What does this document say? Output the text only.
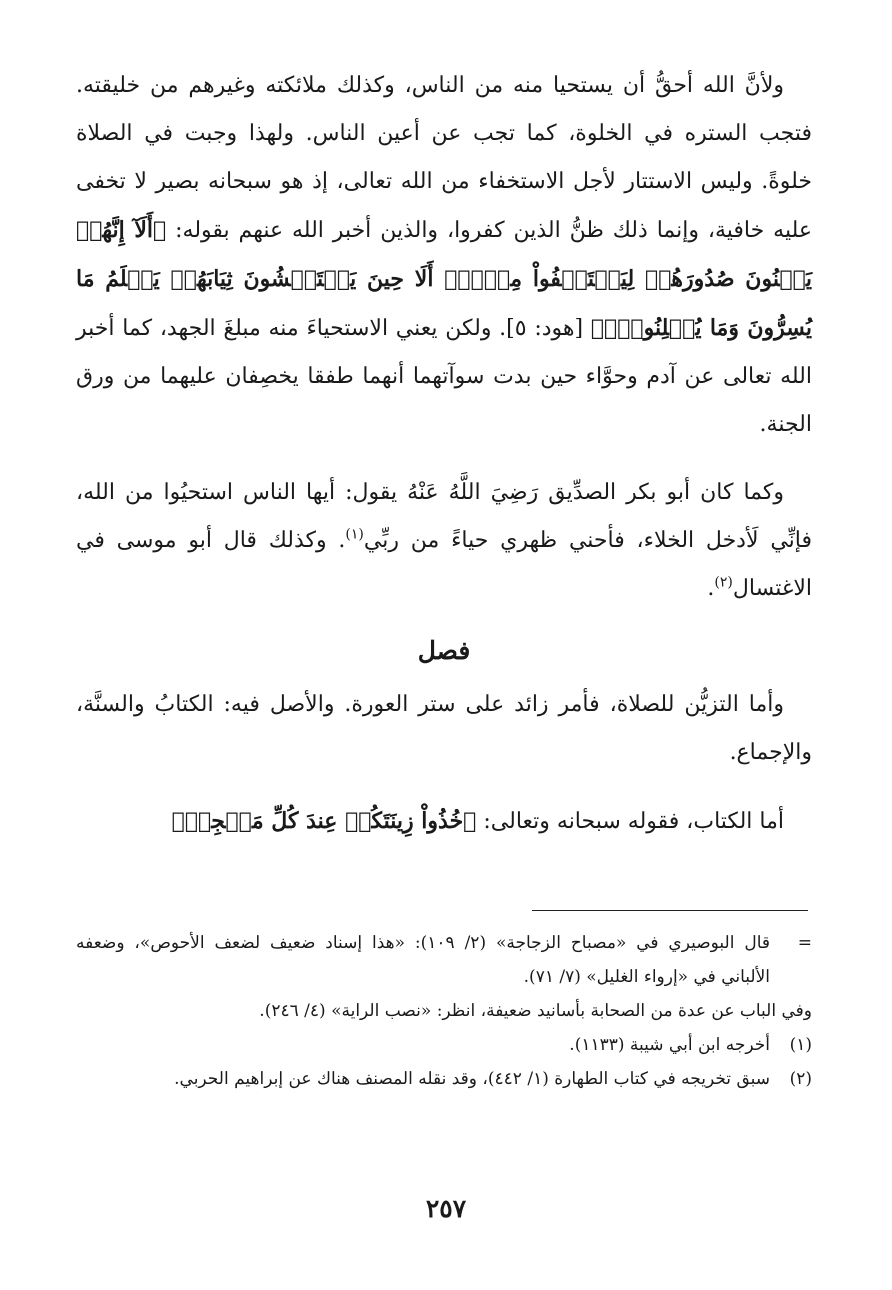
ولأنَّ الله أحقُّ أن يستحيا منه من الناس، وكذلك ملائكته وغيرهم من خليقته. فتجب الستره في الخلوة، كما تجب عن أعين الناس. ولهذا وجبت في الصلاة خلوةً. وليس الاستتار لأجل الاستخفاء من الله تعالى، إذ هو سبحانه بصير لا تخفى عليه خافية، وإنما ذلك ظنُّ الذين كفروا، والذين أخبر الله عنهم بقوله: ﴿أَلَآ إِنَّهُمۡ يَثۡنُونَ صُدُورَهُمۡ لِيَسۡتَخۡفُواْ مِنۡهُۚ أَلَا حِينَ يَسۡتَغۡشُونَ ثِيَابَهُمۡ يَعۡلَمُ مَا يُسِرُّونَ وَمَا يُعۡلِنُونَۚ﴾ [هود: ٥]. ولكن يعني الاستحياءَ منه مبلغَ الجهد، كما أخبر الله تعالى عن آدم وحوَّاء حين بدت سوآتهما أنهما طفقا يخصِفان عليهما من ورق الجنة.

وكما كان أبو بكر الصدِّيق رَضِيَ اللَّهُ عَنْهُ يقول: أيها الناس استحيُوا من الله، فإنِّي لَأدخل الخلاء، فأحني ظهري حياءً من ربِّي$^{(١)}$. وكذلك قال أبو موسى في الاغتسال$^{(٢)}$.

فصل

وأما التزيُّن للصلاة، فأمر زائد على ستر العورة. والأصل فيه: الكتابُ والسنَّة، والإجماع.

أما الكتاب، فقوله سبحانه وتعالى: ﴿خُذُواْ زِينَتَكُمۡ عِندَ كُلِّ مَسۡجِدٖ﴾

=
قال البوصيري في «مصباح الزجاجة» (٢/ ١٠٩): «هذا إسناد ضعيف لضعف الأحوص»، وضعفه الألباني في «إرواء الغليل» (٧/ ٧١).

وفي الباب عن عدة من الصحابة بأسانيد ضعيفة، انظر: «نصب الراية» (٤/ ٢٤٦).

(١)
أخرجه ابن أبي شيبة (١١٣٣).
(٢)
سبق تخريجه في كتاب الطهارة (١/ ٤٤٢)، وقد نقله المصنف هناك عن إبراهيم الحربي.
٢٥٧
